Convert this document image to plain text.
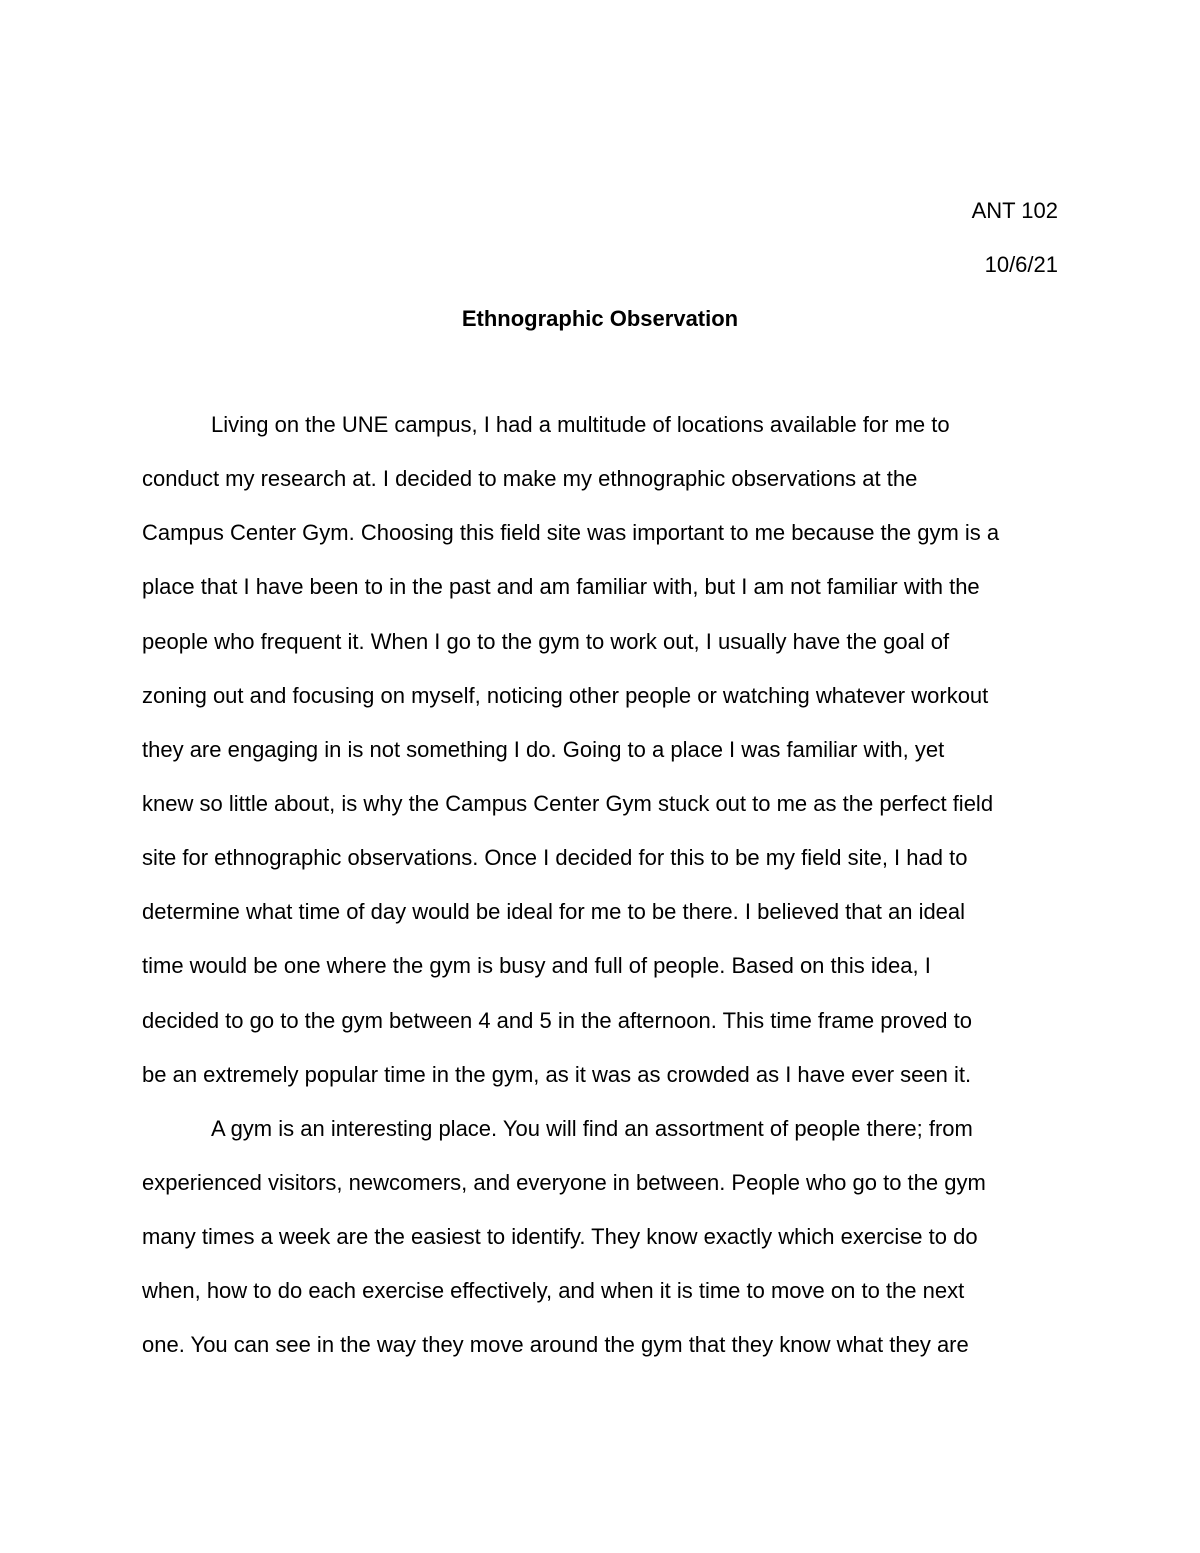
ANT 102
10/6/21
Ethnographic Observation
Living on the UNE campus, I had a multitude of locations available for me to
conduct my research at. I decided to make my ethnographic observations at the
Campus Center Gym. Choosing this field site was important to me because the gym is a
place that I have been to in the past and am familiar with, but I am not familiar with the
people who frequent it. When I go to the gym to work out, I usually have the goal of
zoning out and focusing on myself, noticing other people or watching whatever workout
they are engaging in is not something I do. Going to a place I was familiar with, yet
knew so little about, is why the Campus Center Gym stuck out to me as the perfect field
site for ethnographic observations. Once I decided for this to be my field site, I had to
determine what time of day would be ideal for me to be there. I believed that an ideal
time would be one where the gym is busy and full of people. Based on this idea, I
decided to go to the gym between 4 and 5 in the afternoon. This time frame proved to
be an extremely popular time in the gym, as it was as crowded as I have ever seen it.
A gym is an interesting place. You will find an assortment of people there; from
experienced visitors, newcomers, and everyone in between. People who go to the gym
many times a week are the easiest to identify. They know exactly which exercise to do
when, how to do each exercise effectively, and when it is time to move on to the next
one. You can see in the way they move around the gym that they know what they are
